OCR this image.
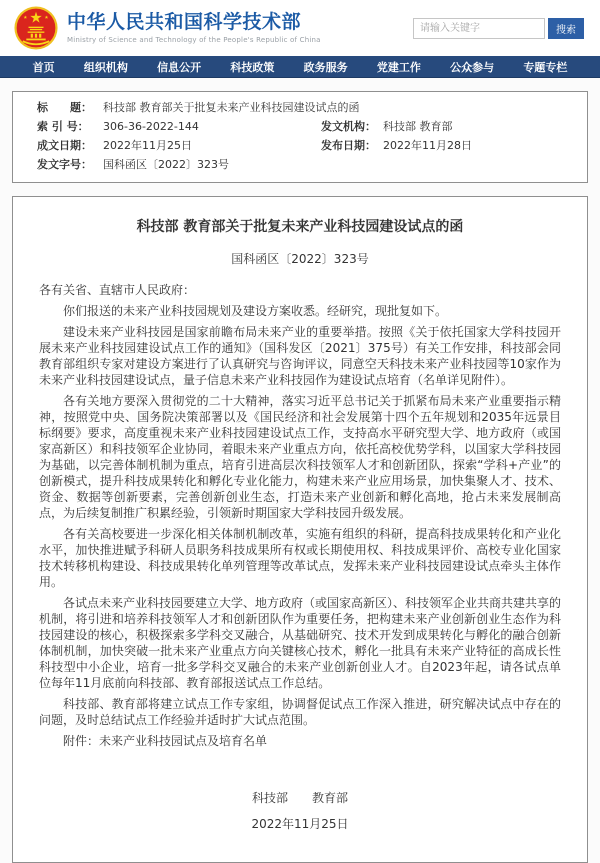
中华人民共和国科学技术部
Ministry of Science and Technology of the People's Republic of China
请输入关键字
搜索
首页	组织机构	信息公开	科技政策	政务服务	党建工作	公众参与	专题专栏
标　　题：	科技部 教育部关于批复未来产业科技园建设试点的函
索 引 号：	306-36-2022-144	发文机构： 科技部 教育部
成文日期：	2022年11月25日	发布日期： 2022年11月28日
发文字号：	国科函区〔2022〕323号
科技部 教育部关于批复未来产业科技园建设试点的函
国科函区〔2022〕323号

各有关省、直辖市人民政府：

你们报送的未来产业科技园规划及建设方案收悉。经研究，现批复如下。

建设未来产业科技园是国家前瞻布局未来产业的重要举措。按照《关于依托国家大学科技园开展未来产业科技园建设试点工作的通知》（国科发区〔2021〕375号）有关工作安排，科技部会同教育部组织专家对建设方案进行了认真研究与咨询评议，同意空天科技未来产业科技园等10家作为未来产业科技园建设试点，量子信息未来产业科技园作为建设试点培育（名单详见附件）。

各有关地方要深入贯彻党的二十大精神，落实习近平总书记关于抓紧布局未来产业重要指示精神，按照党中央、国务院决策部署以及《国民经济和社会发展第十四个五年规划和2035年远景目标纲要》要求，高度重视未来产业科技园建设试点工作，支持高水平研究型大学、地方政府（或国家高新区）和科技领军企业协同，着眼未来产业重点方向，依托高校优势学科，以国家大学科技园为基础，以完善体制机制为重点，培育引进高层次科技领军人才和创新团队，探索“学科+产业”的创新模式，提升科技成果转化和孵化专业化能力，构建未来产业应用场景，加快集聚人才、技术、资金、数据等创新要素，完善创新创业生态，打造未来产业创新和孵化高地，抢占未来发展制高点，为后续复制推广积累经验，引领新时期国家大学科技园升级发展。

各有关高校要进一步深化相关体制机制改革，实施有组织的科研，提高科技成果转化和产业化水平，加快推进赋予科研人员职务科技成果所有权或长期使用权、科技成果评价、高校专业化国家技术转移机构建设、科技成果转化单列管理等改革试点，发挥未来产业科技园建设试点牵头主体作用。

各试点未来产业科技园要建立大学、地方政府（或国家高新区）、科技领军企业共商共建共享的机制，将引进和培养科技领军人才和创新团队作为重要任务，把构建未来产业创新创业生态作为科技园建设的核心，积极探索多学科交叉融合，从基础研究、技术开发到成果转化与孵化的融合创新体制机制，加快突破一批未来产业重点方向关键核心技术，孵化一批具有未来产业特征的高成长性科技型中小企业，培育一批多学科交叉融合的未来产业创新创业人才。自2023年起，请各试点单位每年11月底前向科技部、教育部报送试点工作总结。

科技部、教育部将建立试点工作专家组，协调督促试点工作深入推进，研究解决试点中存在的问题，及时总结试点工作经验并适时扩大试点范围。

附件：未来产业科技园试点及培育名单

科技部　　教育部
2022年11月25日
